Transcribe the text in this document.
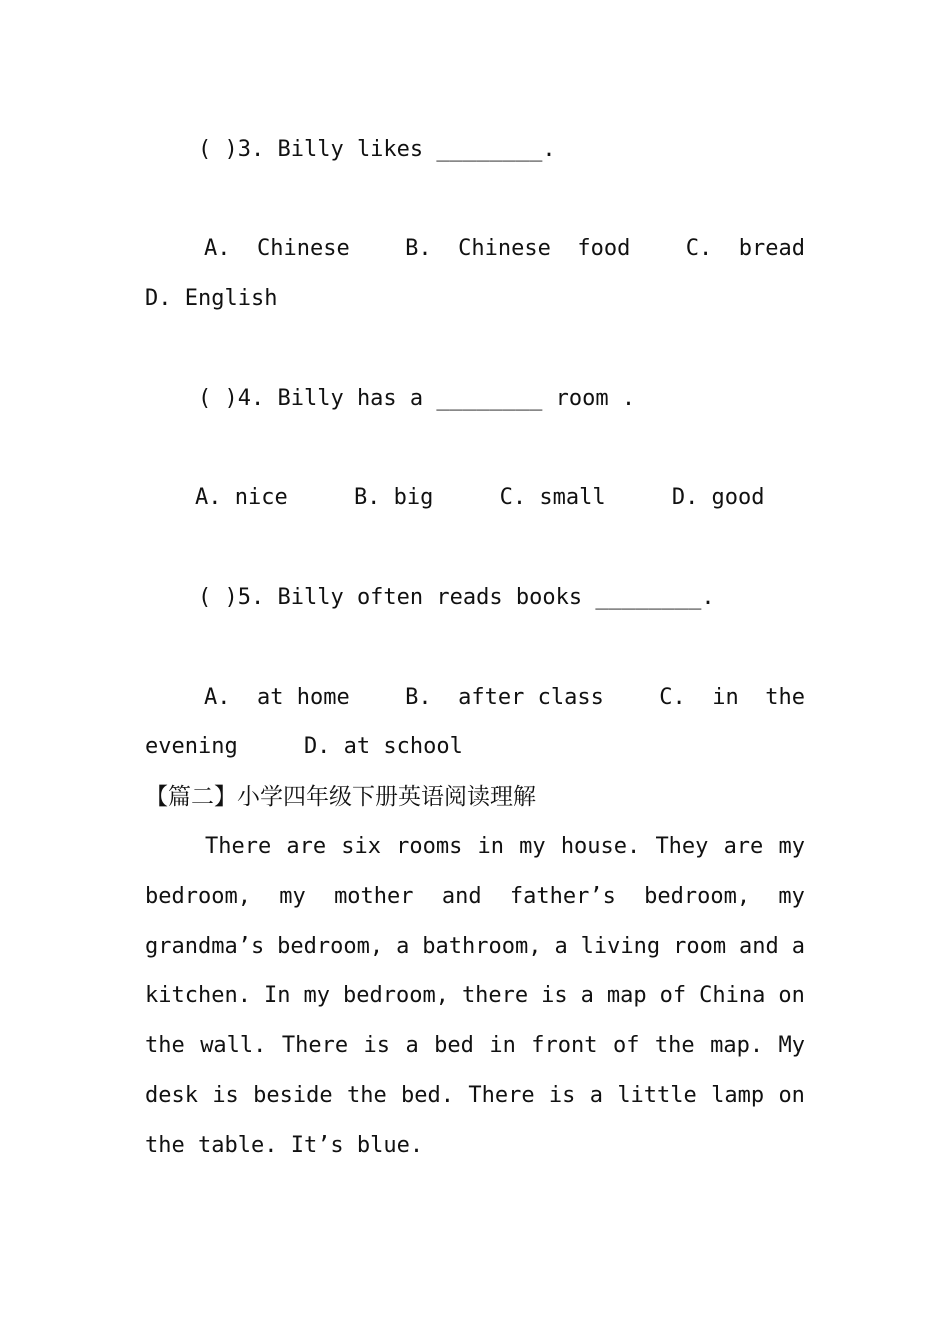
( )3. Billy likes ________.
A.  Chinese	B.  Chinese  food	C.  bread
D. English
( )4. Billy has a ________ room .
A. nice     B. big     C. small     D. good
( )5. Billy often reads books ________.
A.  at home	B.  after class	C.  in  the
evening     D. at school
【篇二】小学四年级下册英语阅读理解
There are six rooms in my house. They are my
bedroom, my mother and father’s bedroom, my
grandma’s bedroom, a bathroom, a living room and a
kitchen. In my bedroom, there is a map of China on
the wall. There is a bed in front of the map. My
desk is beside the bed. There is a little lamp on
the table. It’s blue.
